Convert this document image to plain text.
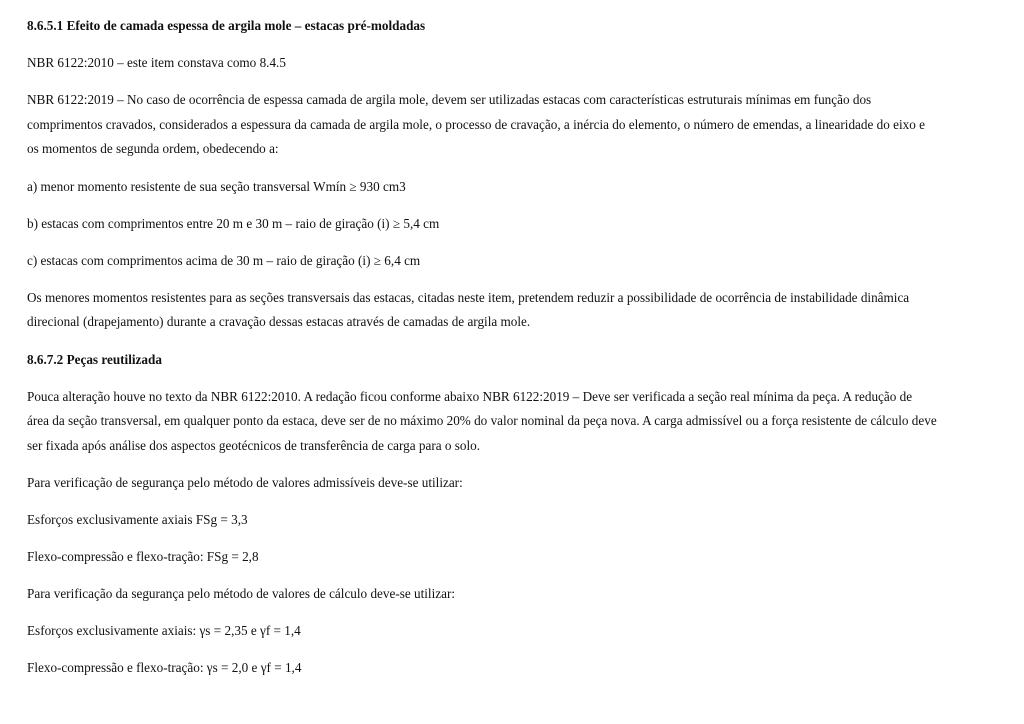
8.6.5.1 Efeito de camada espessa de argila mole – estacas pré-moldadas
NBR 6122:2010 – este item constava como 8.4.5
NBR 6122:2019 – No caso de ocorrência de espessa camada de argila mole, devem ser utilizadas estacas com características estruturais mínimas em função dos
comprimentos cravados, considerados a espessura da camada de argila mole, o processo de cravação, a inércia do elemento, o número de emendas, a linearidade do eixo e
os momentos de segunda ordem, obedecendo a:
a) menor momento resistente de sua seção transversal Wmín ≥ 930 cm3
b) estacas com comprimentos entre 20 m e 30 m – raio de giração (i) ≥ 5,4 cm
c) estacas com comprimentos acima de 30 m – raio de giração (i) ≥ 6,4 cm
Os menores momentos resistentes para as seções transversais das estacas, citadas neste item, pretendem reduzir a possibilidade de ocorrência de instabilidade dinâmica
direcional (drapejamento) durante a cravação dessas estacas através de camadas de argila mole.
8.6.7.2 Peças reutilizada
Pouca alteração houve no texto da NBR 6122:2010. A redação ficou conforme abaixo NBR 6122:2019 – Deve ser verificada a seção real mínima da peça. A redução de
área da seção transversal, em qualquer ponto da estaca, deve ser de no máximo 20% do valor nominal da peça nova. A carga admissível ou a força resistente de cálculo deve
ser fixada após análise dos aspectos geotécnicos de transferência de carga para o solo.
Para verificação de segurança pelo método de valores admissíveis deve-se utilizar:
Esforços exclusivamente axiais FSg = 3,3
Flexo-compressão e flexo-tração: FSg = 2,8
Para verificação da segurança pelo método de valores de cálculo deve-se utilizar:
Esforços exclusivamente axiais: γs = 2,35 e γf = 1,4
Flexo-compressão e flexo-tração: γs = 2,0 e γf = 1,4
